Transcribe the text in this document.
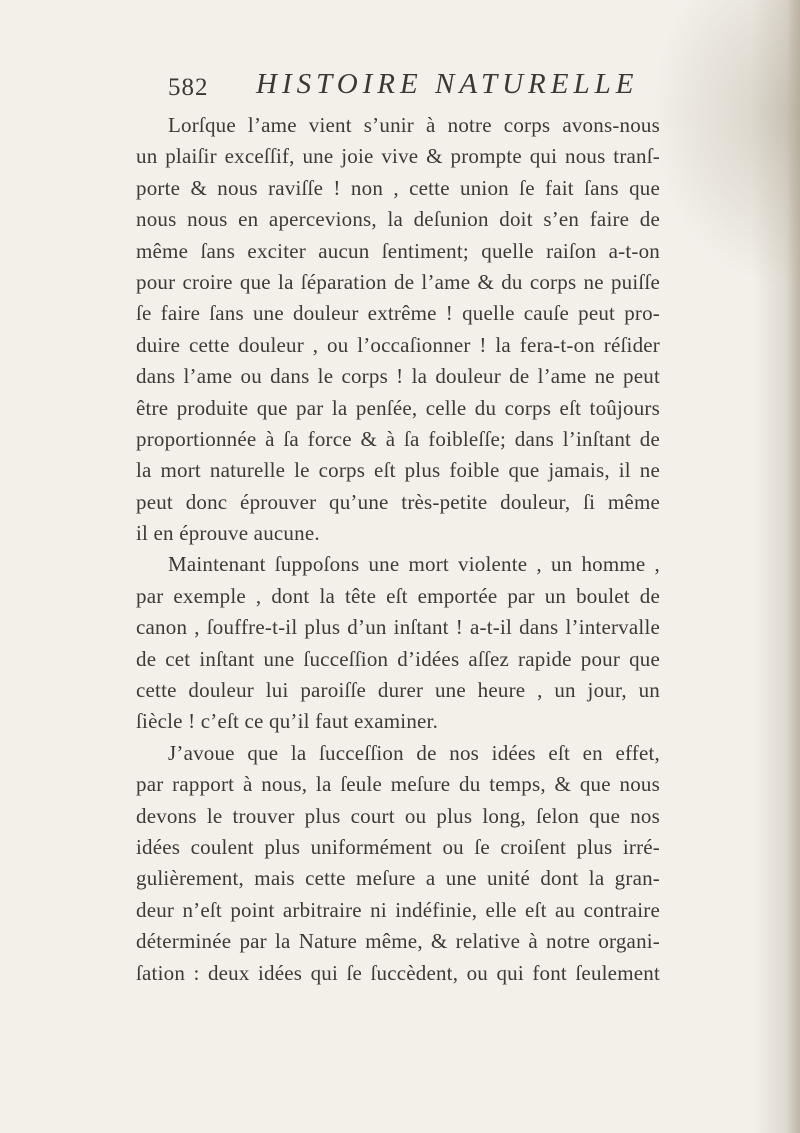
582 HISTOIRE NATURELLE
Lorſque l’ame vient s’unir à notre corps avons-nous
un plaiſir exceſſif, une joie vive & prompte qui nous tranſ-
porte & nous raviſſe ! non , cette union ſe fait ſans que
nous nous en apercevions, la deſunion doit s’en faire de
même ſans exciter aucun ſentiment; quelle raiſon a-t-on
pour croire que la ſéparation de l’ame & du corps ne puiſſe
ſe faire ſans une douleur extrême ! quelle cauſe peut pro-
duire cette douleur , ou l’occaſionner ! la fera-t-on réſider
dans l’ame ou dans le corps ! la douleur de l’ame ne peut
être produite que par la penſée, celle du corps eſt toûjours
proportionnée à ſa force & à ſa foibleſſe; dans l’inſtant de
la mort naturelle le corps eſt plus foible que jamais, il ne
peut donc éprouver qu’une très-petite douleur, ſi même
il en éprouve aucune.
Maintenant ſuppoſons une mort violente , un homme ,
par exemple , dont la tête eſt emportée par un boulet de
canon , ſouffre-t-il plus d’un inſtant ! a-t-il dans l’intervalle
de cet inſtant une ſucceſſion d’idées aſſez rapide pour que
cette douleur lui paroiſſe durer une heure , un jour, un
ſiècle ! c’eſt ce qu’il faut examiner.
J’avoue que la ſucceſſion de nos idées eſt en effet,
par rapport à nous, la ſeule meſure du temps, & que nous
devons le trouver plus court ou plus long, ſelon que nos
idées coulent plus uniformément ou ſe croiſent plus irré-
gulièrement, mais cette meſure a une unité dont la gran-
deur n’eſt point arbitraire ni indéfinie, elle eſt au contraire
déterminée par la Nature même, & relative à notre organi-
ſation : deux idées qui ſe ſuccèdent, ou qui font ſeulement
